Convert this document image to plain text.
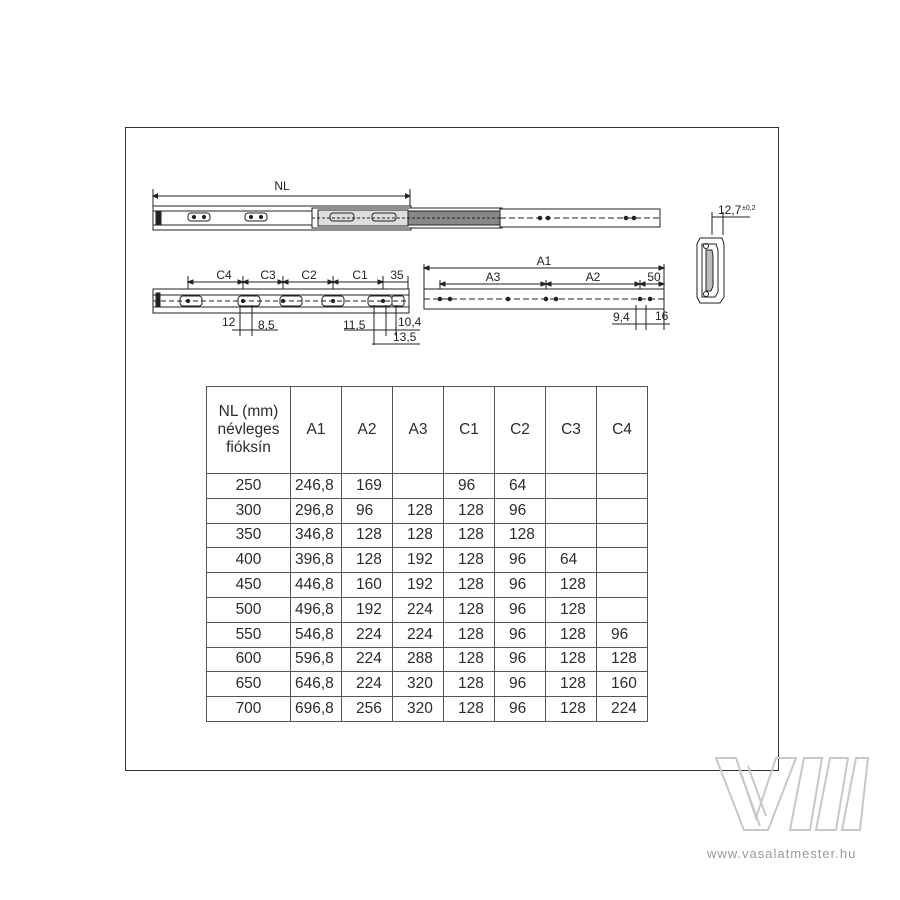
NL
12,7 ±0,2
C4 C3 C2	C1 35
12 8,5	11,5	10,4
13,5
A1
A3	A2	50
9,4 16
NL (mm)
névleges
fióksín	A1	A2	A3	C1	C2	C3	C4
250	246,8	169		96	64		
300	296,8	96	128	128	96		
350	346,8	128	128	128	128		
400	396,8	128	192	128	96	64	
450	446,8	160	192	128	96	128	
500	496,8	192	224	128	96	128	
550	546,8	224	224	128	96	128	96
600	596,8	224	288	128	96	128	128
650	646,8	224	320	128	96	128	160
700	696,8	256	320	128	96	128	224
www.vasalatmester.hu
